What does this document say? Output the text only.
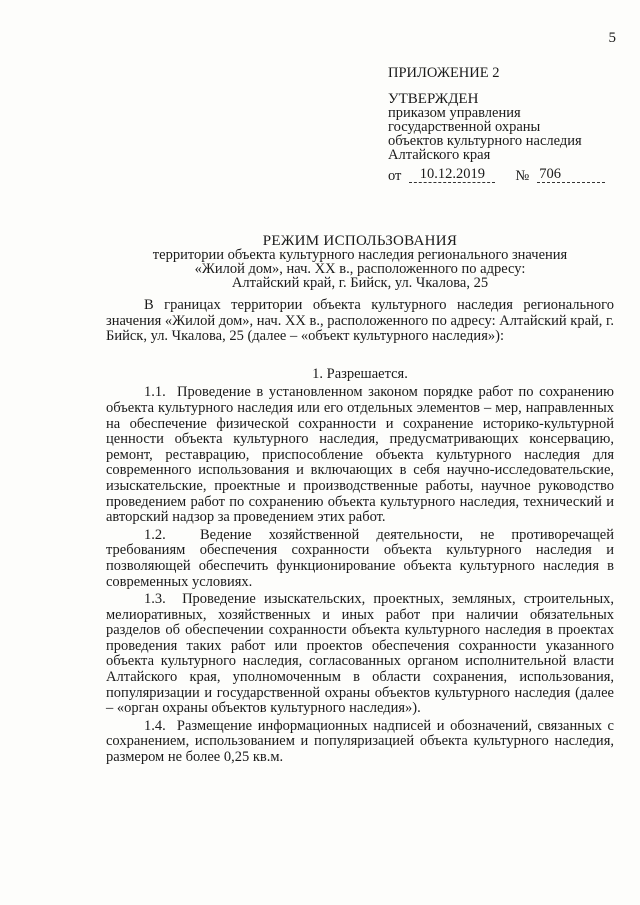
5
ПРИЛОЖЕНИЕ 2
УТВЕРЖДЕН
приказом управления
государственной охраны
объектов культурного наследия
Алтайского края
от	10.12.2019	№ 706
РЕЖИМ ИСПОЛЬЗОВАНИЯ
территории объекта культурного наследия регионального значения
«Жилой дом», нач. XX в., расположенного по адресу:
Алтайский край, г. Бийск, ул. Чкалова, 25

В границах территории объекта культурного наследия регионального значения «Жилой дом», нач. XX в., расположенного по адресу: Алтайский край, г. Бийск, ул. Чкалова, 25 (далее – «объект культурного наследия»):

1. Разрешается.

1.1. Проведение в установленном законом порядке работ по сохранению объекта культурного наследия или его отдельных элементов – мер, направленных на обеспечение физической сохранности и сохранение историко-культурной ценности объекта культурного наследия, предусматривающих консервацию, ремонт, реставрацию, приспособление объекта культурного наследия для современного использования и включающих в себя научно-исследовательские, изыскательские, проектные и производственные работы, научное руководство проведением работ по сохранению объекта культурного наследия, технический и авторский надзор за проведением этих работ.

1.2. Ведение хозяйственной деятельности, не противоречащей требованиям обеспечения сохранности объекта культурного наследия и позволяющей обеспечить функционирование объекта культурного наследия в современных условиях.

1.3. Проведение изыскательских, проектных, земляных, строительных, мелиоративных, хозяйственных и иных работ при наличии обязательных разделов об обеспечении сохранности объекта культурного наследия в проектах проведения таких работ или проектов обеспечения сохранности указанного объекта культурного наследия, согласованных органом исполнительной власти Алтайского края, уполномоченным в области сохранения, использования, популяризации и государственной охраны объектов культурного наследия (далее – «орган охраны объектов культурного наследия»).

1.4. Размещение информационных надписей и обозначений, связанных с сохранением, использованием и популяризацией объекта культурного наследия, размером не более 0,25 кв.м.
